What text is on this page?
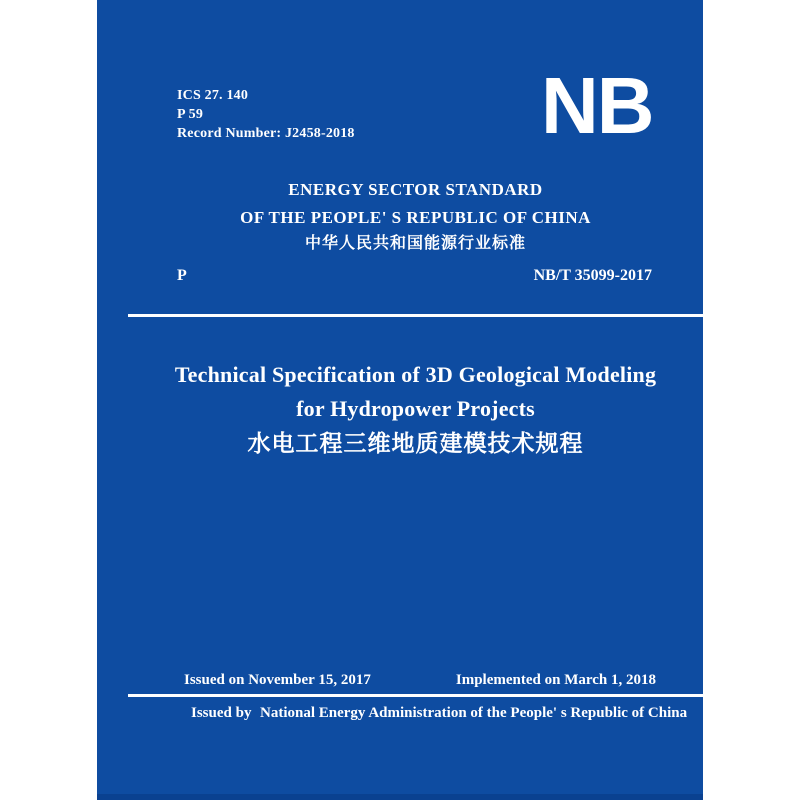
ICS 27. 140
P 59
Record Number: J2458-2018 NB
ENERGY SECTOR STANDARD
OF THE PEOPLE' S REPUBLIC OF CHINA
中华人民共和国能源行业标准
P	NB/T 35099-2017
Technical Specification of 3D Geological Modeling
for Hydropower Projects
水电工程三维地质建模技术规程
Issued on November 15, 2017	Implemented on March 1, 2018
Issued by National Energy Administration of the People' s Republic of China
